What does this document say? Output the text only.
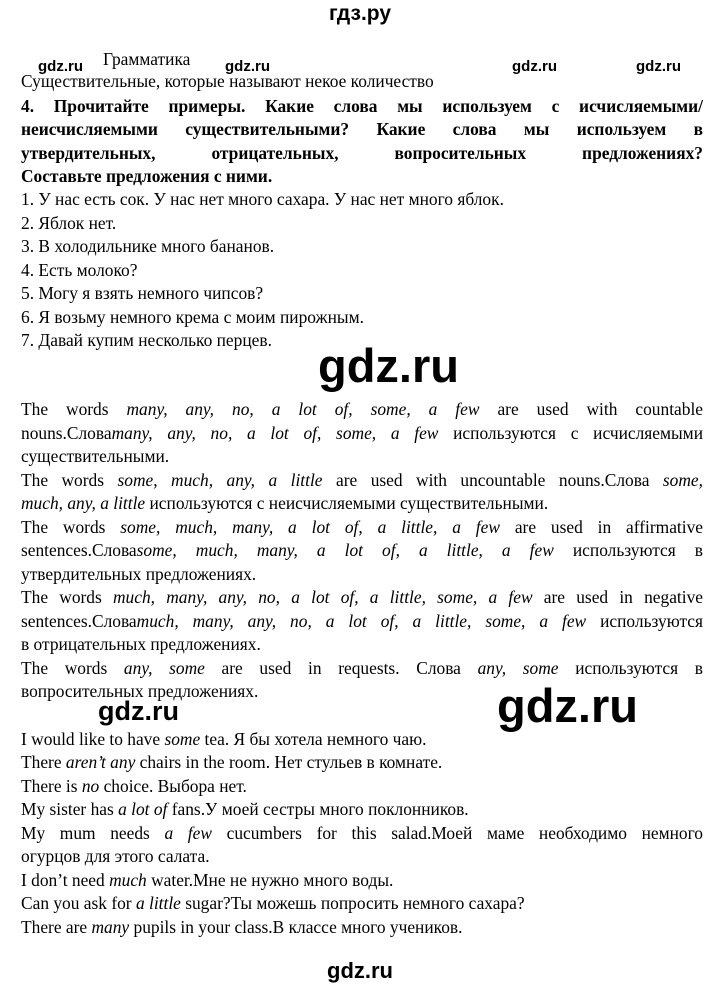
гдз.ру
gdz.ru	gdz.ru	gdz.ru	gdz.ru
gdz.ru
gdz.ru	gdz.ru
gdz.ru
Грамматика
Существительные, которые называют некое количество
4. Прочитайте примеры. Какие слова мы используем с исчисляемыми/
неисчисляемыми существительными? Какие слова мы используем в
утвердительных, отрицательных, вопросительных предложениях?
Составьте предложения с ними.
1. У нас есть сок. У нас нет много сахара. У нас нет много яблок.
2. Яблок нет.
3. В холодильнике много бананов.
4. Есть молоко?
5. Могу я взять немного чипсов?
6. Я возьму немного крема с моим пирожным.
7. Давай купим несколько перцев.
The words many, any, no, a lot of, some, a few are used with countable
nouns.Словаmany, any, no, a lot of, some, a few используются с исчисляемыми
существительными.
The words some, much, any, a little are used with uncountable nouns.Слова some,
much, any, a little используются с неисчисляемыми существительными.
The words some, much, many, a lot of, a little, a few are used in affirmative
sentences.Словаsome, much, many, a lot of, a little, a few используются в
утвердительных предложениях.
The words much, many, any, no, a lot of, a little, some, a few are used in negative
sentences.Словаmuch, many, any, no, a lot of, a little, some, a few используются
в отрицательных предложениях.
The words any, some are used in requests. Слова any, some используются в
вопросительных предложениях.
I would like to have some tea. Я бы хотела немного чаю.
There aren’t any chairs in the room. Нет стульев в комнате.
There is no choice. Выбора нет.
My sister has a lot of fans.У моей сестры много поклонников.
My mum needs a few cucumbers for this salad.Моей маме необходимо немного
огурцов для этого салата.
I don’t need much water.Мне не нужно много воды.
Can you ask for a little sugar?Ты можешь попросить немного сахара?
There are many pupils in your class.В классе много учеников.
